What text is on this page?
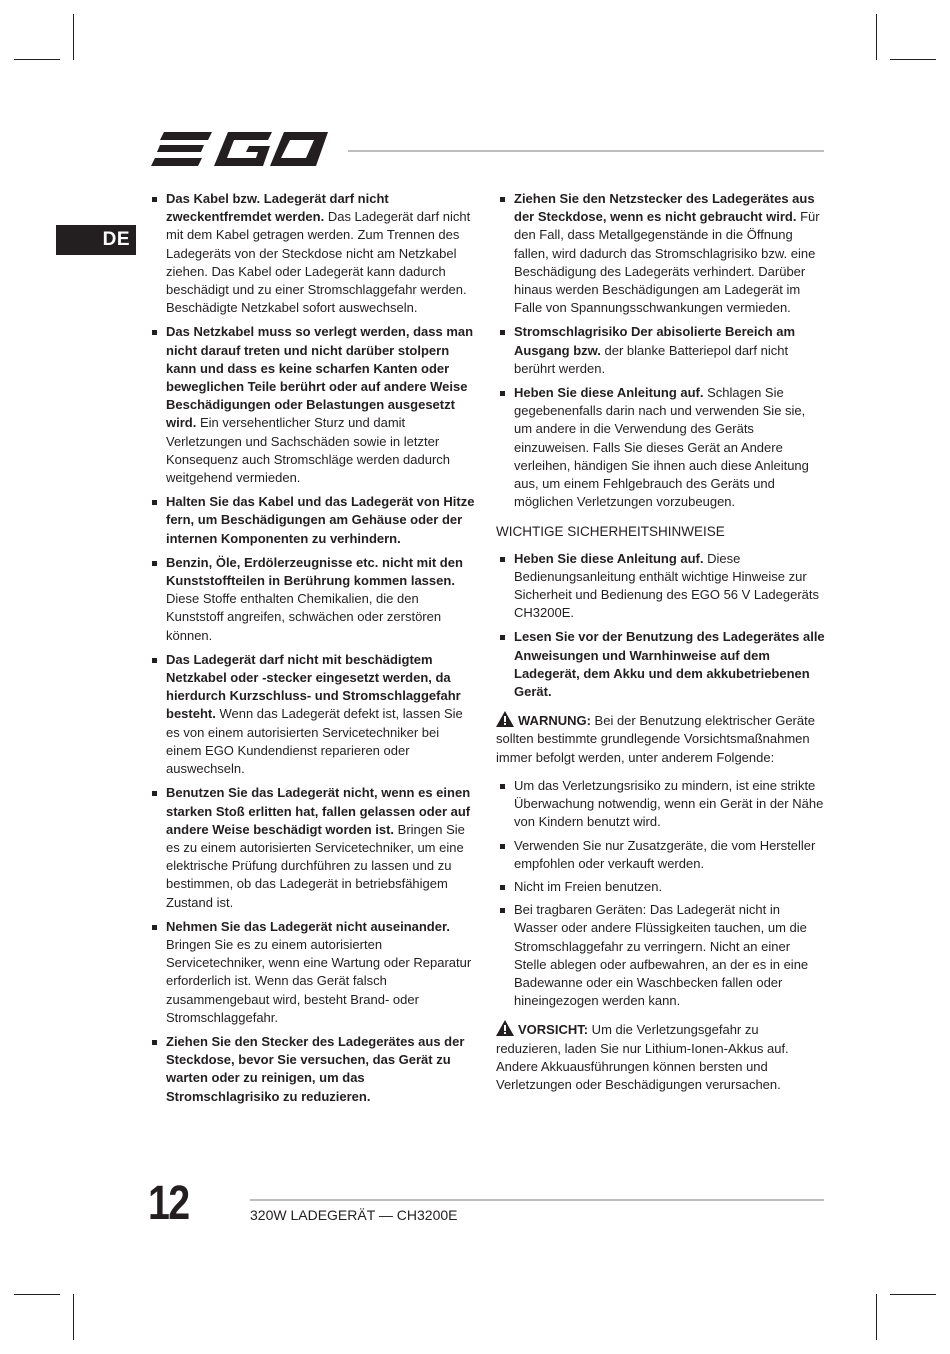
DE
Das Kabel bzw. Ladegerät darf nicht zweckentfremdet werden. Das Ladegerät darf nicht mit dem Kabel getragen werden. Zum Trennen des Ladegeräts von der Steckdose nicht am Netzkabel ziehen. Das Kabel oder Ladegerät kann dadurch beschädigt und zu einer Stromschlaggefahr werden. Beschädigte Netzkabel sofort auswechseln.
Das Netzkabel muss so verlegt werden, dass man nicht darauf treten und nicht darüber stolpern kann und dass es keine scharfen Kanten oder beweglichen Teile berührt oder auf andere Weise Beschädigungen oder Belastungen ausgesetzt wird. Ein versehentlicher Sturz und damit Verletzungen und Sachschäden sowie in letzter Konsequenz auch Stromschläge werden dadurch weitgehend vermieden.
Halten Sie das Kabel und das Ladegerät von Hitze fern, um Beschädigungen am Gehäuse oder der internen Komponenten zu verhindern.
Benzin, Öle, Erdölerzeugnisse etc. nicht mit den Kunststoffteilen in Berührung kommen lassen. Diese Stoffe enthalten Chemikalien, die den Kunststoff angreifen, schwächen oder zerstören können.
Das Ladegerät darf nicht mit beschädigtem Netzkabel oder -stecker eingesetzt werden, da hierdurch Kurzschluss- und Stromschlaggefahr besteht. Wenn das Ladegerät defekt ist, lassen Sie es von einem autorisierten Servicetechniker bei einem EGO Kundendienst reparieren oder auswechseln.
Benutzen Sie das Ladegerät nicht, wenn es einen starken Stoß erlitten hat, fallen gelassen oder auf andere Weise beschädigt worden ist. Bringen Sie es zu einem autorisierten Servicetechniker, um eine elektrische Prüfung durchführen zu lassen und zu bestimmen, ob das Ladegerät in betriebsfähigem Zustand ist.
Nehmen Sie das Ladegerät nicht auseinander. Bringen Sie es zu einem autorisierten Servicetechniker, wenn eine Wartung oder Reparatur erforderlich ist. Wenn das Gerät falsch zusammengebaut wird, besteht Brand- oder Stromschlaggefahr.
Ziehen Sie den Stecker des Ladegerätes aus der Steckdose, bevor Sie versuchen, das Gerät zu warten oder zu reinigen, um das Stromschlagrisiko zu reduzieren.
Ziehen Sie den Netzstecker des Ladegerätes aus der Steckdose, wenn es nicht gebraucht wird. Für den Fall, dass Metallgegenstände in die Öffnung fallen, wird dadurch das Stromschlagrisiko bzw. eine Beschädigung des Ladegeräts verhindert. Darüber hinaus werden Beschädigungen am Ladegerät im Falle von Spannungsschwankungen vermieden.
Stromschlagrisiko Der abisolierte Bereich am Ausgang bzw. der blanke Batteriepol darf nicht berührt werden.
Heben Sie diese Anleitung auf. Schlagen Sie gegebenenfalls darin nach und verwenden Sie sie, um andere in die Verwendung des Geräts einzuweisen. Falls Sie dieses Gerät an Andere verleihen, händigen Sie ihnen auch diese Anleitung aus, um einem Fehlgebrauch des Geräts und möglichen Verletzungen vorzubeugen.
WICHTIGE SICHERHEITSHINWEISE
Heben Sie diese Anleitung auf. Diese Bedienungsanleitung enthält wichtige Hinweise zur Sicherheit und Bedienung des EGO 56 V Ladegeräts CH3200E.
Lesen Sie vor der Benutzung des Ladegerätes alle Anweisungen und Warnhinweise auf dem Ladegerät, dem Akku und dem akkubetriebenen Gerät.
WARNUNG: Bei der Benutzung elektrischer Geräte sollten bestimmte grundlegende Vorsichtsmaßnahmen immer befolgt werden, unter anderem Folgende:
Um das Verletzungsrisiko zu mindern, ist eine strikte Überwachung notwendig, wenn ein Gerät in der Nähe von Kindern benutzt wird.
Verwenden Sie nur Zusatzgeräte, die vom Hersteller empfohlen oder verkauft werden.
Nicht im Freien benutzen.
Bei tragbaren Geräten: Das Ladegerät nicht in Wasser oder andere Flüssigkeiten tauchen, um die Stromschlaggefahr zu verringern. Nicht an einer Stelle ablegen oder aufbewahren, an der es in eine Badewanne oder ein Waschbecken fallen oder hineingezogen werden kann.
VORSICHT: Um die Verletzungsgefahr zu reduzieren, laden Sie nur Lithium-Ionen-Akkus auf. Andere Akkuausführungen können bersten und Verletzungen oder Beschädigungen verursachen.
12	320W LADEGERÄT — CH3200E
